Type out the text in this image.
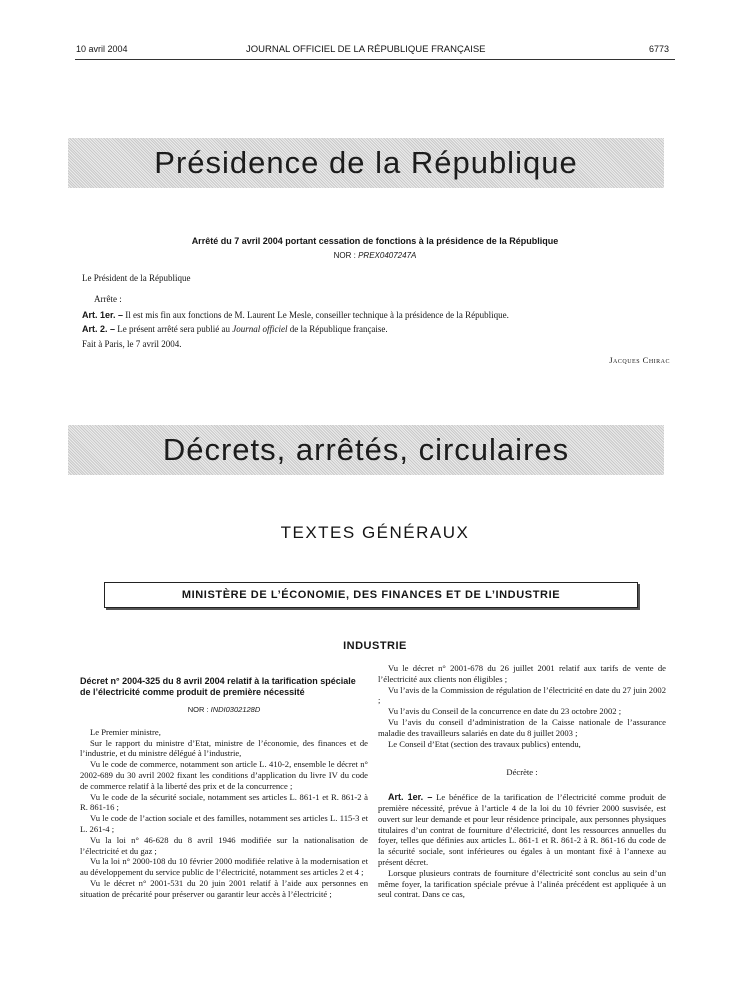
10 avril 2004	JOURNAL OFFICIEL DE LA RÉPUBLIQUE FRANÇAISE	6773
Présidence de la République
Arrêté du 7 avril 2004 portant cessation de fonctions à la présidence de la République
NOR : PREX0407247A
Le Président de la République
Arrête :
Art. 1er. – Il est mis fin aux fonctions de M. Laurent Le Mesle, conseiller technique à la présidence de la République.
Art. 2. – Le présent arrêté sera publié au Journal officiel de la République française.
Fait à Paris, le 7 avril 2004.
Jacques Chirac
Décrets, arrêtés, circulaires
TEXTES GÉNÉRAUX
MINISTÈRE DE L’ÉCONOMIE, DES FINANCES ET DE L’INDUSTRIE
INDUSTRIE
Décret n° 2004-325 du 8 avril 2004 relatif à la tarification spéciale de l’électricité comme produit de première nécessité
NOR : INDI0302128D

Le Premier ministre,

Sur le rapport du ministre d’Etat, ministre de l’économie, des finances et de l’industrie, et du ministre délégué à l’industrie,

Vu le code de commerce, notamment son article L. 410-2, ensemble le décret n° 2002-689 du 30 avril 2002 fixant les conditions d’application du livre IV du code de commerce relatif à la liberté des prix et de la concurrence ;

Vu le code de la sécurité sociale, notamment ses articles L. 861-1 et R. 861-2 à R. 861-16 ;

Vu le code de l’action sociale et des familles, notamment ses articles L. 115-3 et L. 261-4 ;

Vu la loi n° 46-628 du 8 avril 1946 modifiée sur la nationalisation de l’électricité et du gaz ;

Vu la loi n° 2000-108 du 10 février 2000 modifiée relative à la modernisation et au développement du service public de l’électricité, notamment ses articles 2 et 4 ;

Vu le décret n° 2001-531 du 20 juin 2001 relatif à l’aide aux personnes en situation de précarité pour préserver ou garantir leur accès à l’électricité ;

Vu le décret n° 2001-678 du 26 juillet 2001 relatif aux tarifs de vente de l’électricité aux clients non éligibles ;

Vu l’avis de la Commission de régulation de l’électricité en date du 27 juin 2002 ;

Vu l’avis du Conseil de la concurrence en date du 23 octobre 2002 ;

Vu l’avis du conseil d’administration de la Caisse nationale de l’assurance maladie des travailleurs salariés en date du 8 juillet 2003 ;

Le Conseil d’Etat (section des travaux publics) entendu,

Décrète :

Art. 1er. – Le bénéfice de la tarification de l’électricité comme produit de première nécessité, prévue à l’article 4 de la loi du 10 février 2000 susvisée, est ouvert sur leur demande et pour leur résidence principale, aux personnes physiques titulaires d’un contrat de fourniture d’électricité, dont les ressources annuelles du foyer, telles que définies aux articles L. 861-1 et R. 861-2 à R. 861-16 du code de la sécurité sociale, sont inférieures ou égales à un montant fixé à l’annexe au présent décret.

Lorsque plusieurs contrats de fourniture d’électricité sont conclus au sein d’un même foyer, la tarification spéciale prévue à l’alinéa précédent est appliquée à un seul contrat. Dans ce cas,
